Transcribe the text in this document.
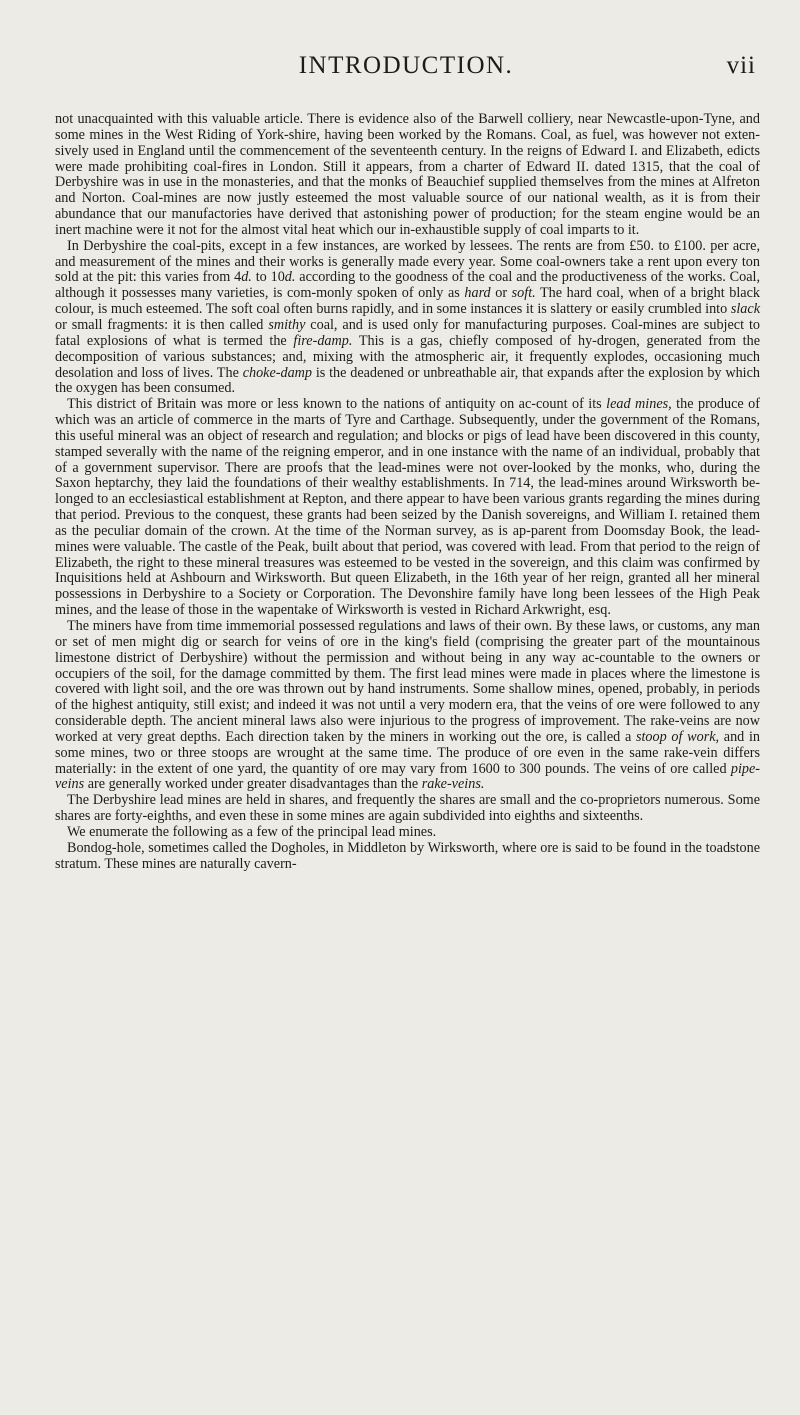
INTRODUCTION.	vii

not unacquainted with this valuable article. There is evidence also of the Barwell colliery, near Newcastle-upon-Tyne, and some mines in the West Riding of York-shire, having been worked by the Romans. Coal, as fuel, was however not exten-sively used in England until the commencement of the seventeenth century. In the reigns of Edward I. and Elizabeth, edicts were made prohibiting coal-fires in London. Still it appears, from a charter of Edward II. dated 1315, that the coal of Derbyshire was in use in the monasteries, and that the monks of Beauchief supplied themselves from the mines at Alfreton and Norton. Coal-mines are now justly esteemed the most valuable source of our national wealth, as it is from their abundance that our manufactories have derived that astonishing power of production; for the steam engine would be an inert machine were it not for the almost vital heat which our in-exhaustible supply of coal imparts to it.

In Derbyshire the coal-pits, except in a few instances, are worked by lessees. The rents are from £50. to £100. per acre, and measurement of the mines and their works is generally made every year. Some coal-owners take a rent upon every ton sold at the pit: this varies from 4d. to 10d. according to the goodness of the coal and the productiveness of the works. Coal, although it possesses many varieties, is com-monly spoken of only as hard or soft. The hard coal, when of a bright black colour, is much esteemed. The soft coal often burns rapidly, and in some instances it is slattery or easily crumbled into slack or small fragments: it is then called smithy coal, and is used only for manufacturing purposes. Coal-mines are subject to fatal explosions of what is termed the fire-damp. This is a gas, chiefly composed of hy-drogen, generated from the decomposition of various substances; and, mixing with the atmospheric air, it frequently explodes, occasioning much desolation and loss of lives. The choke-damp is the deadened or unbreathable air, that expands after the explosion by which the oxygen has been consumed.

This district of Britain was more or less known to the nations of antiquity on ac-count of its lead mines, the produce of which was an article of commerce in the marts of Tyre and Carthage. Subsequently, under the government of the Romans, this useful mineral was an object of research and regulation; and blocks or pigs of lead have been discovered in this county, stamped severally with the name of the reigning emperor, and in one instance with the name of an individual, probably that of a government supervisor. There are proofs that the lead-mines were not over-looked by the monks, who, during the Saxon heptarchy, they laid the foundations of their wealthy establishments. In 714, the lead-mines around Wirksworth be-longed to an ecclesiastical establishment at Repton, and there appear to have been various grants regarding the mines during that period. Previous to the conquest, these grants had been seized by the Danish sovereigns, and William I. retained them as the peculiar domain of the crown. At the time of the Norman survey, as is ap-parent from Doomsday Book, the lead-mines were valuable. The castle of the Peak, built about that period, was covered with lead. From that period to the reign of Elizabeth, the right to these mineral treasures was esteemed to be vested in the sovereign, and this claim was confirmed by Inquisitions held at Ashbourn and Wirksworth. But queen Elizabeth, in the 16th year of her reign, granted all her mineral possessions in Derbyshire to a Society or Corporation. The Devonshire family have long been lessees of the High Peak mines, and the lease of those in the wapentake of Wirksworth is vested in Richard Arkwright, esq.

The miners have from time immemorial possessed regulations and laws of their own. By these laws, or customs, any man or set of men might dig or search for veins of ore in the king's field (comprising the greater part of the mountainous limestone district of Derbyshire) without the permission and without being in any way ac-countable to the owners or occupiers of the soil, for the damage committed by them. The first lead mines were made in places where the limestone is covered with light soil, and the ore was thrown out by hand instruments. Some shallow mines, opened, probably, in periods of the highest antiquity, still exist; and indeed it was not until a very modern era, that the veins of ore were followed to any considerable depth. The ancient mineral laws also were injurious to the progress of improvement. The rake-veins are now worked at very great depths. Each direction taken by the miners in working out the ore, is called a stoop of work, and in some mines, two or three stoops are wrought at the same time. The produce of ore even in the same rake-vein differs materially: in the extent of one yard, the quantity of ore may vary from 1600 to 300 pounds. The veins of ore called pipe-veins are generally worked under greater disadvantages than the rake-veins.

The Derbyshire lead mines are held in shares, and frequently the shares are small and the co-proprietors numerous. Some shares are forty-eighths, and even these in some mines are again subdivided into eighths and sixteenths.

We enumerate the following as a few of the principal lead mines.

Bondog-hole, sometimes called the Dogholes, in Middleton by Wirksworth, where ore is said to be found in the toadstone stratum. These mines are naturally cavern-
